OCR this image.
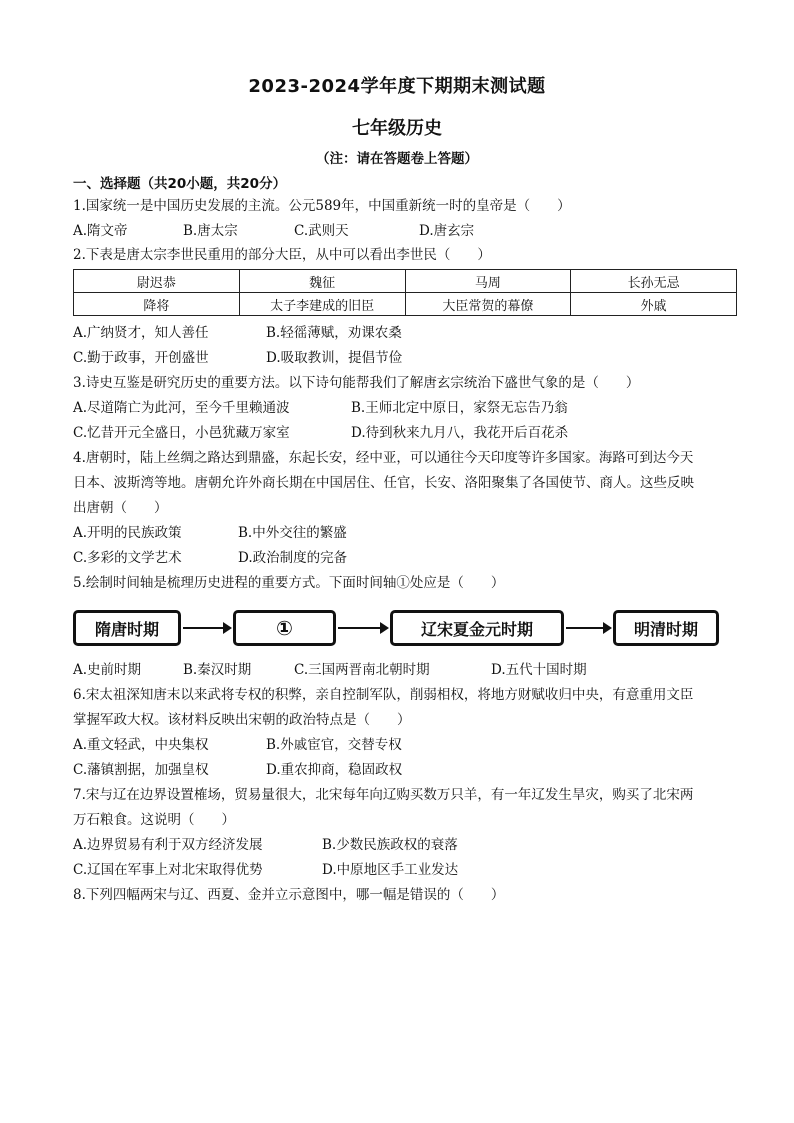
2023-2024学年度下期期末测试题
七年级历史
（注：请在答题卷上答题）
一、选择题（共20小题，共20分）
1.国家统一是中国历史发展的主流。公元589年，中国重新统一时的皇帝是（　　）
A.隋文帝	B.唐太宗	C.武则天	D.唐玄宗
2.下表是唐太宗李世民重用的部分大臣，从中可以看出李世民（　　）
尉迟恭	魏征	马周	长孙无忌
降将	太子李建成的旧臣	大臣常贺的幕僚	外戚
A.广纳贤才，知人善任	B.轻徭薄赋，劝课农桑
C.勤于政事，开创盛世	D.吸取教训，提倡节俭
3.诗史互鉴是研究历史的重要方法。以下诗句能帮我们了解唐玄宗统治下盛世气象的是（　　）
A.尽道隋亡为此河，至今千里赖通波	B.王师北定中原日，家祭无忘告乃翁
C.忆昔开元全盛日，小邑犹藏万家室	D.待到秋来九月八，我花开后百花杀
4.唐朝时，陆上丝绸之路达到鼎盛，东起长安，经中亚，可以通往今天印度等许多国家。海路可到达今天
日本、波斯湾等地。唐朝允许外商长期在中国居住、任官，长安、洛阳聚集了各国使节、商人。这些反映
出唐朝（　　）
A.开明的民族政策	B.中外交往的繁盛
C.多彩的文学艺术	D.政治制度的完备
5.绘制时间轴是梳理历史进程的重要方式。下面时间轴①处应是（　　）
隋唐时期	①	辽宋夏金元时期	明清时期
A.史前时期	B.秦汉时期	C.三国两晋南北朝时期	D.五代十国时期
6.宋太祖深知唐末以来武将专权的积弊，亲自控制军队，削弱相权，将地方财赋收归中央，有意重用文臣
掌握军政大权。该材料反映出宋朝的政治特点是（　　）
A.重文轻武，中央集权	B.外戚宦官，交替专权
C.藩镇割据，加强皇权	D.重农抑商，稳固政权
7.宋与辽在边界设置榷场，贸易量很大，北宋每年向辽购买数万只羊，有一年辽发生旱灾，购买了北宋两
万石粮食。这说明（　　）
A.边界贸易有利于双方经济发展	B.少数民族政权的衰落
C.辽国在军事上对北宋取得优势	D.中原地区手工业发达
8.下列四幅两宋与辽、西夏、金并立示意图中，哪一幅是错误的（　　）
